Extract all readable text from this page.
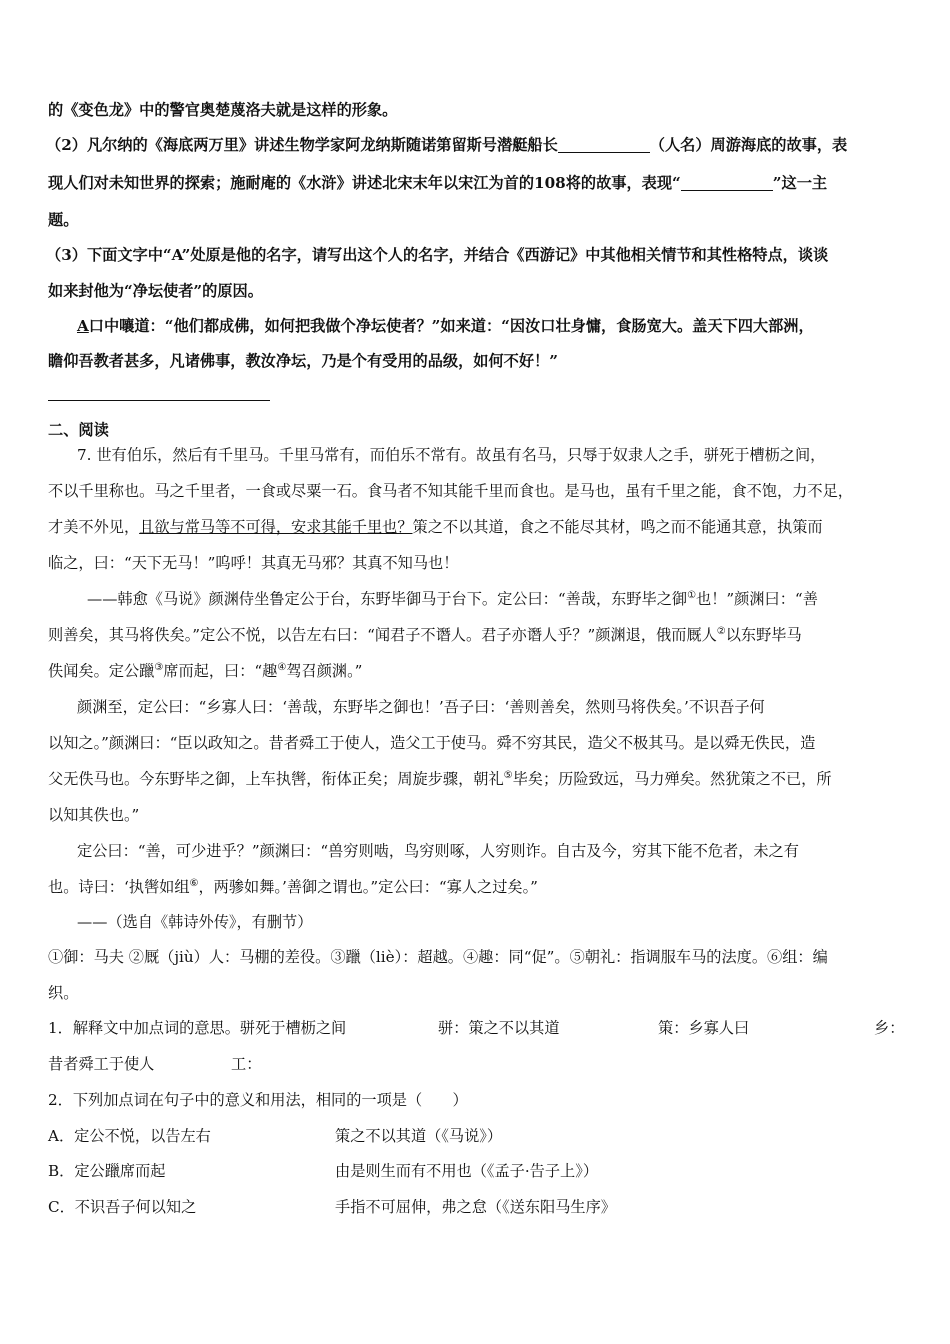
的《变色龙》中的警官奥楚蔑洛夫就是这样的形象。
（2）凡尔纳的《海底两万里》讲述生物学家阿龙纳斯随诺第留斯号潜艇船长	（人名）周游海底的故事，表
现人们对未知世界的探索；施耐庵的《水浒》讲述北宋末年以宋江为首的108将的故事，表现“	”这一主
题。
（3）下面文字中“A”处原是他的名字，请写出这个人的名字，并结合《西游记》中其他相关情节和其性格特点，谈谈
如来封他为“净坛使者”的原因。
A口中嚷道：“他们都成佛，如何把我做个净坛使者？”如来道：“因汝口壮身慵，食肠宽大。盖天下四大部洲，
瞻仰吾教者甚多，凡诸佛事，教汝净坛，乃是个有受用的品级，如何不好！”
二、阅读
7. 世有伯乐，然后有千里马。千里马常有，而伯乐不常有。故虽有名马，只辱于奴隶人之手，骈死于槽枥之间，
不以千里称也。马之千里者，一食或尽粟一石。食马者不知其能千里而食也。是马也，虽有千里之能，食不饱，力不足，
才美不外见，且欲与常马等不可得，安求其能千里也？策之不以其道，食之不能尽其材，鸣之而不能通其意，执策而
临之，曰：“天下无马！”呜呼！其真无马邪？其真不知马也！
——韩愈《马说》颜渊侍坐鲁定公于台，东野毕御马于台下。定公曰：“善哉，东野毕之御①也！”颜渊曰：“善
则善矣，其马将佚矣。”定公不悦，以告左右曰：“闻君子不谮人。君子亦谮人乎？”颜渊退，俄而厩人②以东野毕马
佚闻矣。定公躐③席而起，曰：“趣④驾召颜渊。”
颜渊至，定公曰：“乡寡人曰：‘善哉，东野毕之御也！’吾子曰：‘善则善矣，然则马将佚矣。’不识吾子何
以知之。”颜渊曰：“臣以政知之。昔者舜工于使人，造父工于使马。舜不穷其民，造父不极其马。是以舜无佚民，造
父无佚马也。今东野毕之御，上车执辔，衔体正矣；周旋步骤，朝礼⑤毕矣；历险致远，马力殚矣。然犹策之不已，所
以知其佚也。”
定公曰：“善，可少进乎？”颜渊曰：“兽穷则啮，鸟穷则啄，人穷则诈。自古及今，穷其下能不危者，未之有
也。诗曰：‘执辔如组⑥，两骖如舞。’善御之谓也。”定公曰：“寡人之过矣。”
——（选自《韩诗外传》，有删节）
①御：马夫 ②厩（jiù）人：马棚的差役。③躐（liè）：超越。④趣：同“促”。⑤朝礼：指调服车马的法度。⑥组：编
织。
1．解释文中加点词的意思。骈死于槽枥之间	骈：策之不以其道	策：乡寡人曰	乡：
昔者舜工于使人	工：
2．下列加点词在句子中的意义和用法，相同的一项是（　　）
A．定公不悦，以告左右	策之不以其道（《马说》）
B．定公躐席而起	由是则生而有不用也（《孟子·告子上》）
C．不识吾子何以知之	手指不可屈伸，弗之怠（《送东阳马生序》
